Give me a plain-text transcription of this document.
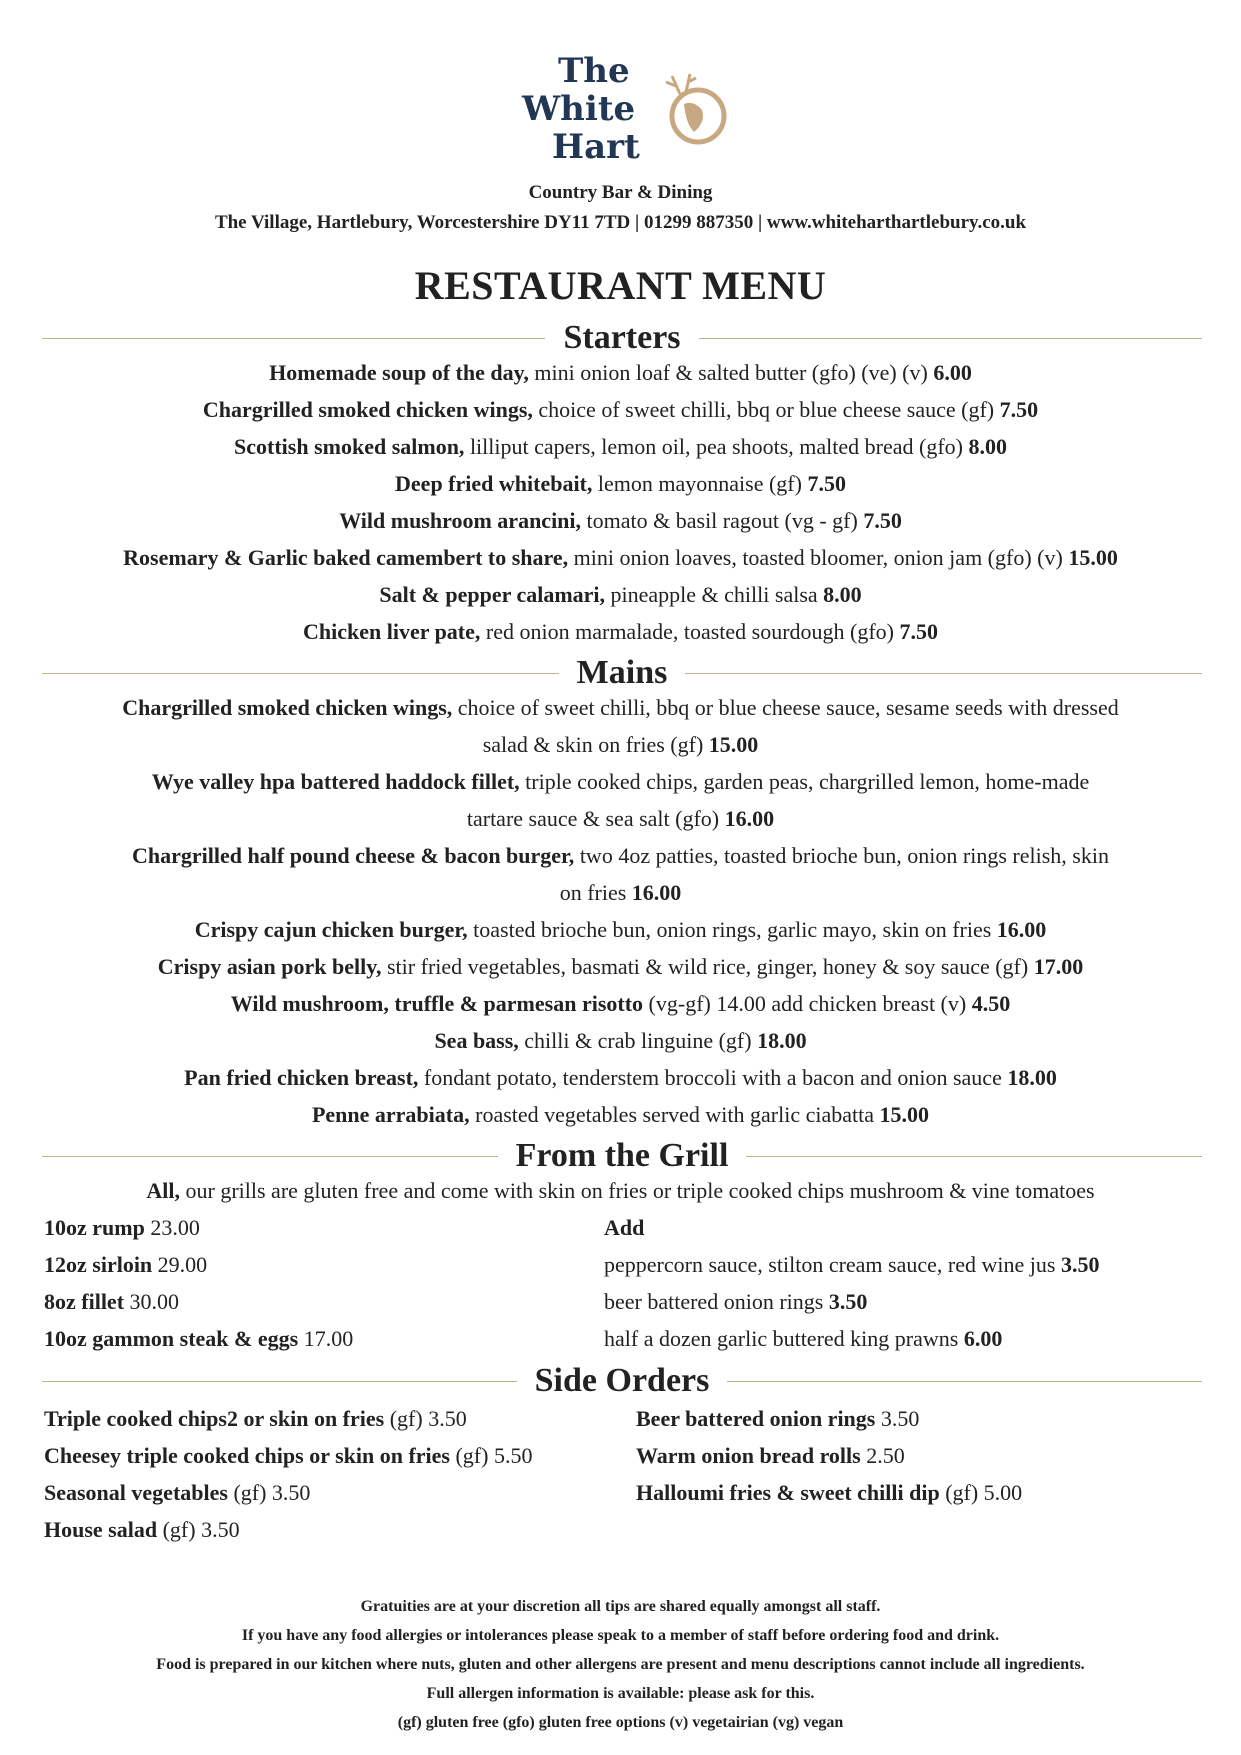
The
White
Hart
Country Bar & Dining
The Village, Hartlebury, Worcestershire DY11 7TD | 01299 887350 | www.whiteharthartlebury.co.uk
RESTAURANT MENU
Starters
Homemade soup of the day, mini onion loaf & salted butter (gfo) (ve) (v) 6.00
Chargrilled smoked chicken wings, choice of sweet chilli, bbq or blue cheese sauce (gf) 7.50
Scottish smoked salmon, lilliput capers, lemon oil, pea shoots, malted bread (gfo) 8.00
Deep fried whitebait, lemon mayonnaise (gf) 7.50
Wild mushroom arancini, tomato & basil ragout (vg - gf) 7.50
Rosemary & Garlic baked camembert to share, mini onion loaves, toasted bloomer, onion jam (gfo) (v) 15.00
Salt & pepper calamari, pineapple & chilli salsa 8.00
Chicken liver pate, red onion marmalade, toasted sourdough (gfo) 7.50
Mains
Chargrilled smoked chicken wings, choice of sweet chilli, bbq or blue cheese sauce, sesame seeds with dressed
salad & skin on fries (gf) 15.00
Wye valley hpa battered haddock fillet, triple cooked chips, garden peas, chargrilled lemon, home-made
tartare sauce & sea salt (gfo) 16.00
Chargrilled half pound cheese & bacon burger, two 4oz patties, toasted brioche bun, onion rings relish, skin
on fries 16.00
Crispy cajun chicken burger, toasted brioche bun, onion rings, garlic mayo, skin on fries 16.00
Crispy asian pork belly, stir fried vegetables, basmati & wild rice, ginger, honey & soy sauce (gf) 17.00
Wild mushroom, truffle & parmesan risotto (vg-gf) 14.00 add chicken breast (v) 4.50
Sea bass, chilli & crab linguine (gf) 18.00
Pan fried chicken breast, fondant potato, tenderstem broccoli with a bacon and onion sauce 18.00
Penne arrabiata, roasted vegetables served with garlic ciabatta 15.00
From the Grill
All, our grills are gluten free and come with skin on fries or triple cooked chips mushroom & vine tomatoes
10oz rump 23.00
12oz sirloin 29.00
8oz fillet 30.00
10oz gammon steak & eggs 17.00
Add
peppercorn sauce, stilton cream sauce, red wine jus 3.50
beer battered onion rings 3.50
half a dozen garlic buttered king prawns 6.00
Side Orders
Triple cooked chips2 or skin on fries (gf) 3.50
Cheesey triple cooked chips or skin on fries (gf) 5.50
Seasonal vegetables (gf) 3.50
House salad (gf) 3.50
Beer battered onion rings 3.50
Warm onion bread rolls 2.50
Halloumi fries & sweet chilli dip (gf) 5.00
Gratuities are at your discretion all tips are shared equally amongst all staff.
If you have any food allergies or intolerances please speak to a member of staff before ordering food and drink.
Food is prepared in our kitchen where nuts, gluten and other allergens are present and menu descriptions cannot include all ingredients.
Full allergen information is available: please ask for this.
(gf) gluten free (gfo) gluten free options (v) vegetairian (vg) vegan
